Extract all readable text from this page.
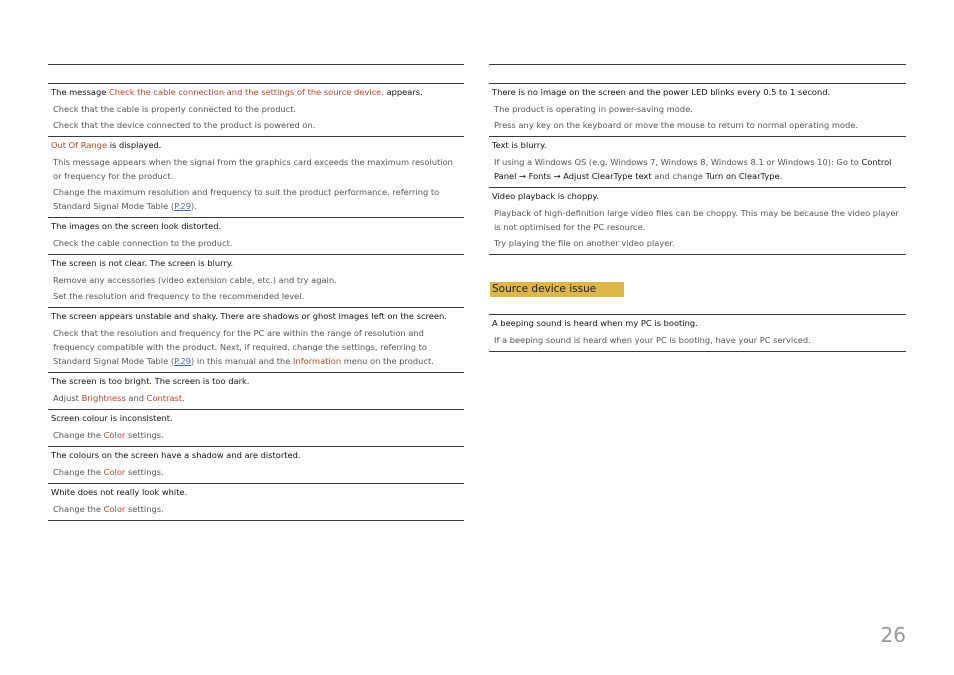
The message Check the cable connection and the settings of the source device. appears.
Check that the cable is properly connected to the product.
Check that the device connected to the product is powered on.
Out Of Range is displayed.
This message appears when the signal from the graphics card exceeds the maximum resolution or frequency for the product.
Change the maximum resolution and frequency to suit the product performance, referring to Standard Signal Mode Table (P.29).
The images on the screen look distorted.
Check the cable connection to the product.
The screen is not clear. The screen is blurry.
Remove any accessories (video extension cable, etc.) and try again.
Set the resolution and frequency to the recommended level.
The screen appears unstable and shaky. There are shadows or ghost images left on the screen.
Check that the resolution and frequency for the PC are within the range of resolution and frequency compatible with the product. Next, if required, change the settings, referring to Standard Signal Mode Table (P.29) in this manual and the Information menu on the product.
The screen is too bright. The screen is too dark.
Adjust Brightness and Contrast.
Screen colour is inconsistent.
Change the Color settings.
The colours on the screen have a shadow and are distorted.
Change the Color settings.
White does not really look white.
Change the Color settings.
There is no image on the screen and the power LED blinks every 0.5 to 1 second.
The product is operating in power-saving mode.
Press any key on the keyboard or move the mouse to return to normal operating mode.
Text is blurry.
If using a Windows OS (e.g. Windows 7, Windows 8, Windows 8.1 or Windows 10): Go to Control Panel → Fonts → Adjust ClearType text and change Turn on ClearType.
Video playback is choppy.
Playback of high-definition large video files can be choppy. This may be because the video player is not optimised for the PC resource.
Try playing the file on another video player.
Source device issue
A beeping sound is heard when my PC is booting.
If a beeping sound is heard when your PC is booting, have your PC serviced.
26
